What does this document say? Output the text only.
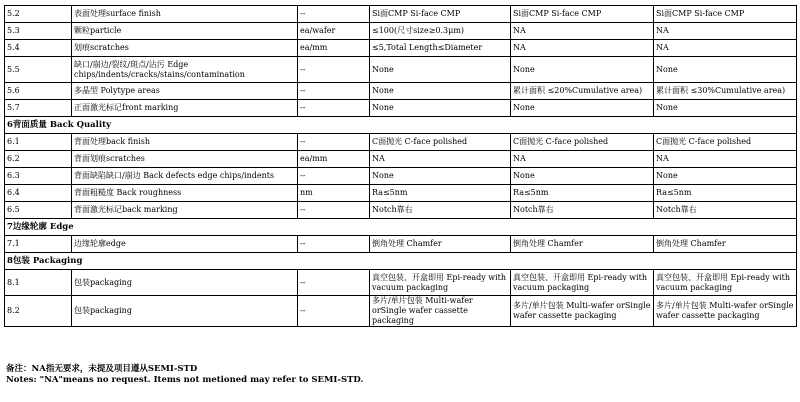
5.2	表面处理surface finish	--	Si面CMP Si-face CMP	Si面CMP Si-face CMP	Si面CMP Si-face CMP
5.3	颗粒particle	ea/wafer	≤100(尺寸size≥0.3μm)	NA	NA
5.4	划痕scratches	ea/mm	≤5,Total Length≤Diameter	NA	NA
5.5	缺口/崩边/裂纹/斑点/沾污 Edge chips/indents/cracks/stains/contamination	--	None	None	None
5.6	多晶型 Polytype areas	--	None	累计面积 ≤20%Cumulative area)	累计面积 ≤30%Cumulative area)
5.7	正面激光标记front marking	--	None	None	None
6背面质量 Back Quality					
6.1	背面处理back finish	--	C面抛光 C-face polished	C面抛光 C-face polished	C面抛光 C-face polished
6.2	背面划痕scratches	ea/mm	NA	NA	NA
6.3	背面缺陷缺口/崩边 Back defects edge chips/indents	--	None	None	None
6.4	背面粗糙度 Back roughness	nm	Ra≤5nm	Ra≤5nm	Ra≤5nm
6.5	背面激光标记back marking	--	Notch靠右	Notch靠右	Notch靠右
7边缘轮廓 Edge					
7.1	边缘轮廓edge	--	倒角处理 Chamfer	倒角处理 Chamfer	倒角处理 Chamfer
8包装 Packaging					
8.1	包装packaging	--	真空包装、开盒即用 Epi-ready with vacuum packaging	真空包装、开盒即用 Epi-ready with vacuum packaging	真空包装、开盒即用 Epi-ready with vacuum packaging
8.2	包装packaging	--	多片/单片包装 Multi-wafer orSingle wafer cassette packaging	多片/单片包装 Multi-wafer orSingle wafer cassette packaging	多片/单片包装 Multi-wafer orSingle wafer cassette packaging
备注：NA指无要求，未提及项目遵从SEMI-STD
Notes: "NA"means no request. Items not metioned may refer to SEMI-STD.
